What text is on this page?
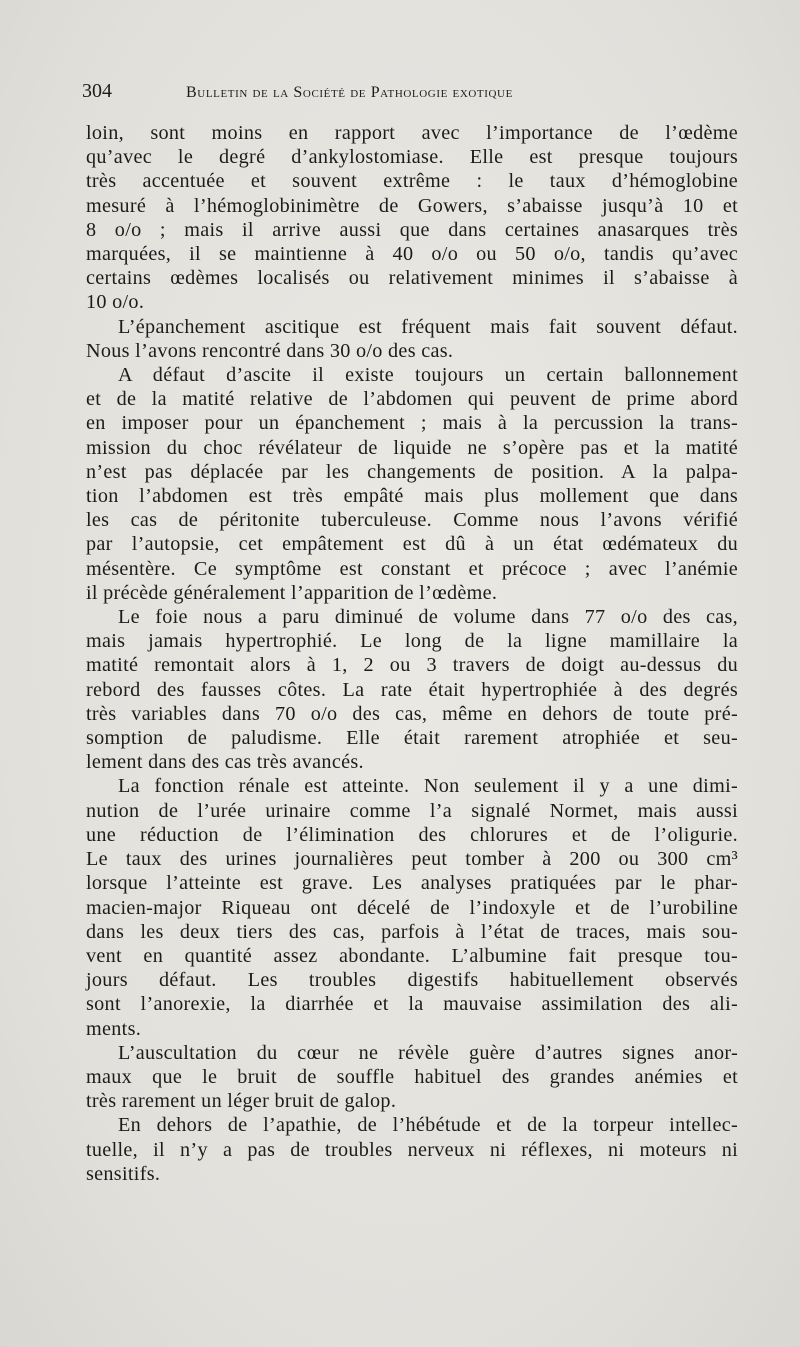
304	Bulletin de la Société de Pathologie exotique
loin, sont moins en rapport avec l’importance de l’œdème
qu’avec le degré d’ankylostomiase. Elle est presque toujours
très accentuée et souvent extrême : le taux d’hémoglobine
mesuré à l’hémoglobinimètre de Gowers, s’abaisse jusqu’à 10 et
8 o/o ; mais il arrive aussi que dans certaines anasarques très
marquées, il se maintienne à 40 o/o ou 50 o/o, tandis qu’avec
certains œdèmes localisés ou relativement minimes il s’abaisse à
10 o/o.
L’épanchement ascitique est fréquent mais fait souvent défaut.
Nous l’avons rencontré dans 30 o/o des cas.
A défaut d’ascite il existe toujours un certain ballonnement
et de la matité relative de l’abdomen qui peuvent de prime abord
en imposer pour un épanchement ; mais à la percussion la trans-
mission du choc révélateur de liquide ne s’opère pas et la matité
n’est pas déplacée par les changements de position. A la palpa-
tion l’abdomen est très empâté mais plus mollement que dans
les cas de péritonite tuberculeuse. Comme nous l’avons vérifié
par l’autopsie, cet empâtement est dû à un état œdémateux du
mésentère. Ce symptôme est constant et précoce ; avec l’anémie
il précède généralement l’apparition de l’œdème.
Le foie nous a paru diminué de volume dans 77 o/o des cas,
mais jamais hypertrophié. Le long de la ligne mamillaire la
matité remontait alors à 1, 2 ou 3 travers de doigt au-dessus du
rebord des fausses côtes. La rate était hypertrophiée à des degrés
très variables dans 70 o/o des cas, même en dehors de toute pré-
somption de paludisme. Elle était rarement atrophiée et seu-
lement dans des cas très avancés.
La fonction rénale est atteinte. Non seulement il y a une dimi-
nution de l’urée urinaire comme l’a signalé Normet, mais aussi
une réduction de l’élimination des chlorures et de l’oligurie.
Le taux des urines journalières peut tomber à 200 ou 300 cm³
lorsque l’atteinte est grave. Les analyses pratiquées par le phar-
macien-major Riqueau ont décelé de l’indoxyle et de l’urobiline
dans les deux tiers des cas, parfois à l’état de traces, mais sou-
vent en quantité assez abondante. L’albumine fait presque tou-
jours défaut. Les troubles digestifs habituellement observés
sont l’anorexie, la diarrhée et la mauvaise assimilation des ali-
ments.
L’auscultation du cœur ne révèle guère d’autres signes anor-
maux que le bruit de souffle habituel des grandes anémies et
très rarement un léger bruit de galop.
En dehors de l’apathie, de l’hébétude et de la torpeur intellec-
tuelle, il n’y a pas de troubles nerveux ni réflexes, ni moteurs ni
sensitifs.
